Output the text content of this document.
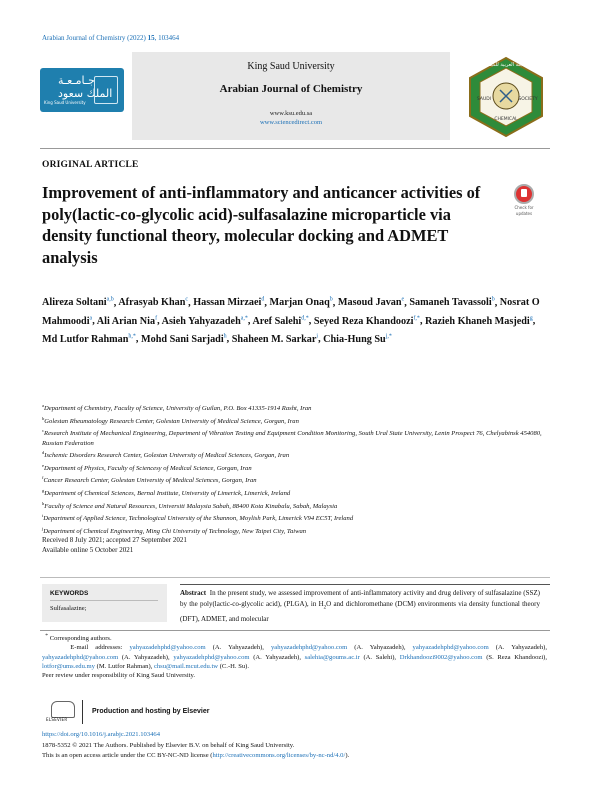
Arabian Journal of Chemistry (2022) 15, 103464
جـامـعـة الملك سعود
King Saud University
King Saud University
Arabian Journal of Chemistry
www.ksu.edu.sa
www.sciencedirect.com
المجلة العربية للكيمياء
SAUDI	SOCIETY
CHEMICAL
ORIGINAL ARTICLE
Improvement of anti-inflammatory and anticancer activities of poly(lactic-co-glycolic acid)-sulfasalazine microparticle via density functional theory, molecular docking and ADMET analysis
Check for
updates
Alireza Soltani$^{a,b}$, Afrasyab Khan$^c$, Hassan Mirzaei$^d$, Marjan Onaq$^b$, Masoud Javan$^e$, Samaneh Tavassoli$^b$, Nosrat O Mahmoodi$^a$, Ali Arian Nia$^f$, Asieh Yahyazadeh$^{a,*}$, Aref Salehi$^{d,*}$, Seyed Reza Khandoozi$^{f,*}$, Razieh Khaneh Masjedi$^g$, Md Lutfor Rahman$^{h,*}$, Mohd Sani Sarjadi$^h$, Shaheen M. Sarkar$^i$, Chia-Hung $Su^{j,*}$
$^a$Department of Chemistry, Faculty of Science, University of Guilan, P.O. Box 41335-1914 Rasht, Iran
$^b$Golestan Rheumatology Research Center, Golestan University of Medical Science, Gorgan, Iran
$^c$Research Institute of Mechanical Engineering, Department of Vibration Testing and Equipment Condition Monitoring, South Ural State University, Lenin Prospect 76, Chelyabinsk 454080, Russian Federation
$^d$Ischemic Disorders Research Center, Golestan University of Medical Sciences, Gorgan, Iran
$^e$Department of Physics, Faculty of Sciencesy of Medical Science, Gorgan, Iran
$^f$Cancer Research Center, Golestan University of Medical Sciences, Gorgan, Iran
$^g$Department of Chemical Sciences, Bernal Institute, University of Limerick, Limerick, Ireland
$^h$Faculty of Science and Natural Resources, Universiti Malaysia Sabah, 88400 Kota Kinabalu, Sabah, Malaysia
$^i$Department of Applied Science, Technological University of the Shannon, Moylish Park, Limerick V94 EC5T, Ireland
$^j$Department of Chemical Engineering, Ming Chi University of Technology, New Taipei City, Taiwan
Received 8 July 2021; accepted 27 September 2021
Available online 5 October 2021
KEYWORDS
Sulfasalazine;
Abstract In the present study, we assessed improvement of anti-inflammatory activity and drug delivery of sulfasalazine (SSZ) by the poly(lactic-co-glycolic acid), (PLGA), in $H_2O$ and dichloromethane (DCM) environments via density functional theory (DFT), ADMET, and molecular
* Corresponding authors.
E-mail addresses: yahyazadehphd@yahoo.com (A. Yahyazadeh), yahyazadehphd@yahoo.com (A. Yahyazadeh), yahyazadehphd@yahoo.com (A. Yahyazadeh), yahyazadehphd@yahoo.com (A. Yahyazadeh), yahyazadehphd@yahoo.com (A. Yahyazadeh), salehia@goums.ac.ir (A. Salehi), Drkhandoozi9002@yahoo.com (S. Reza Khandoozi), lotfor@ums.edu.my (M. Lutfor Rahman), chsu@mail.mcut.edu.tw (C.-H. Su).
Peer review under responsibility of King Saud University.
ELSEVIER
Production and hosting by Elsevier
https://doi.org/10.1016/j.arabjc.2021.103464
1878-5352 © 2021 The Authors. Published by Elsevier B.V. on behalf of King Saud University.
This is an open access article under the CC BY-NC-ND license (http://creativecommons.org/licenses/by-nc-nd/4.0/).
